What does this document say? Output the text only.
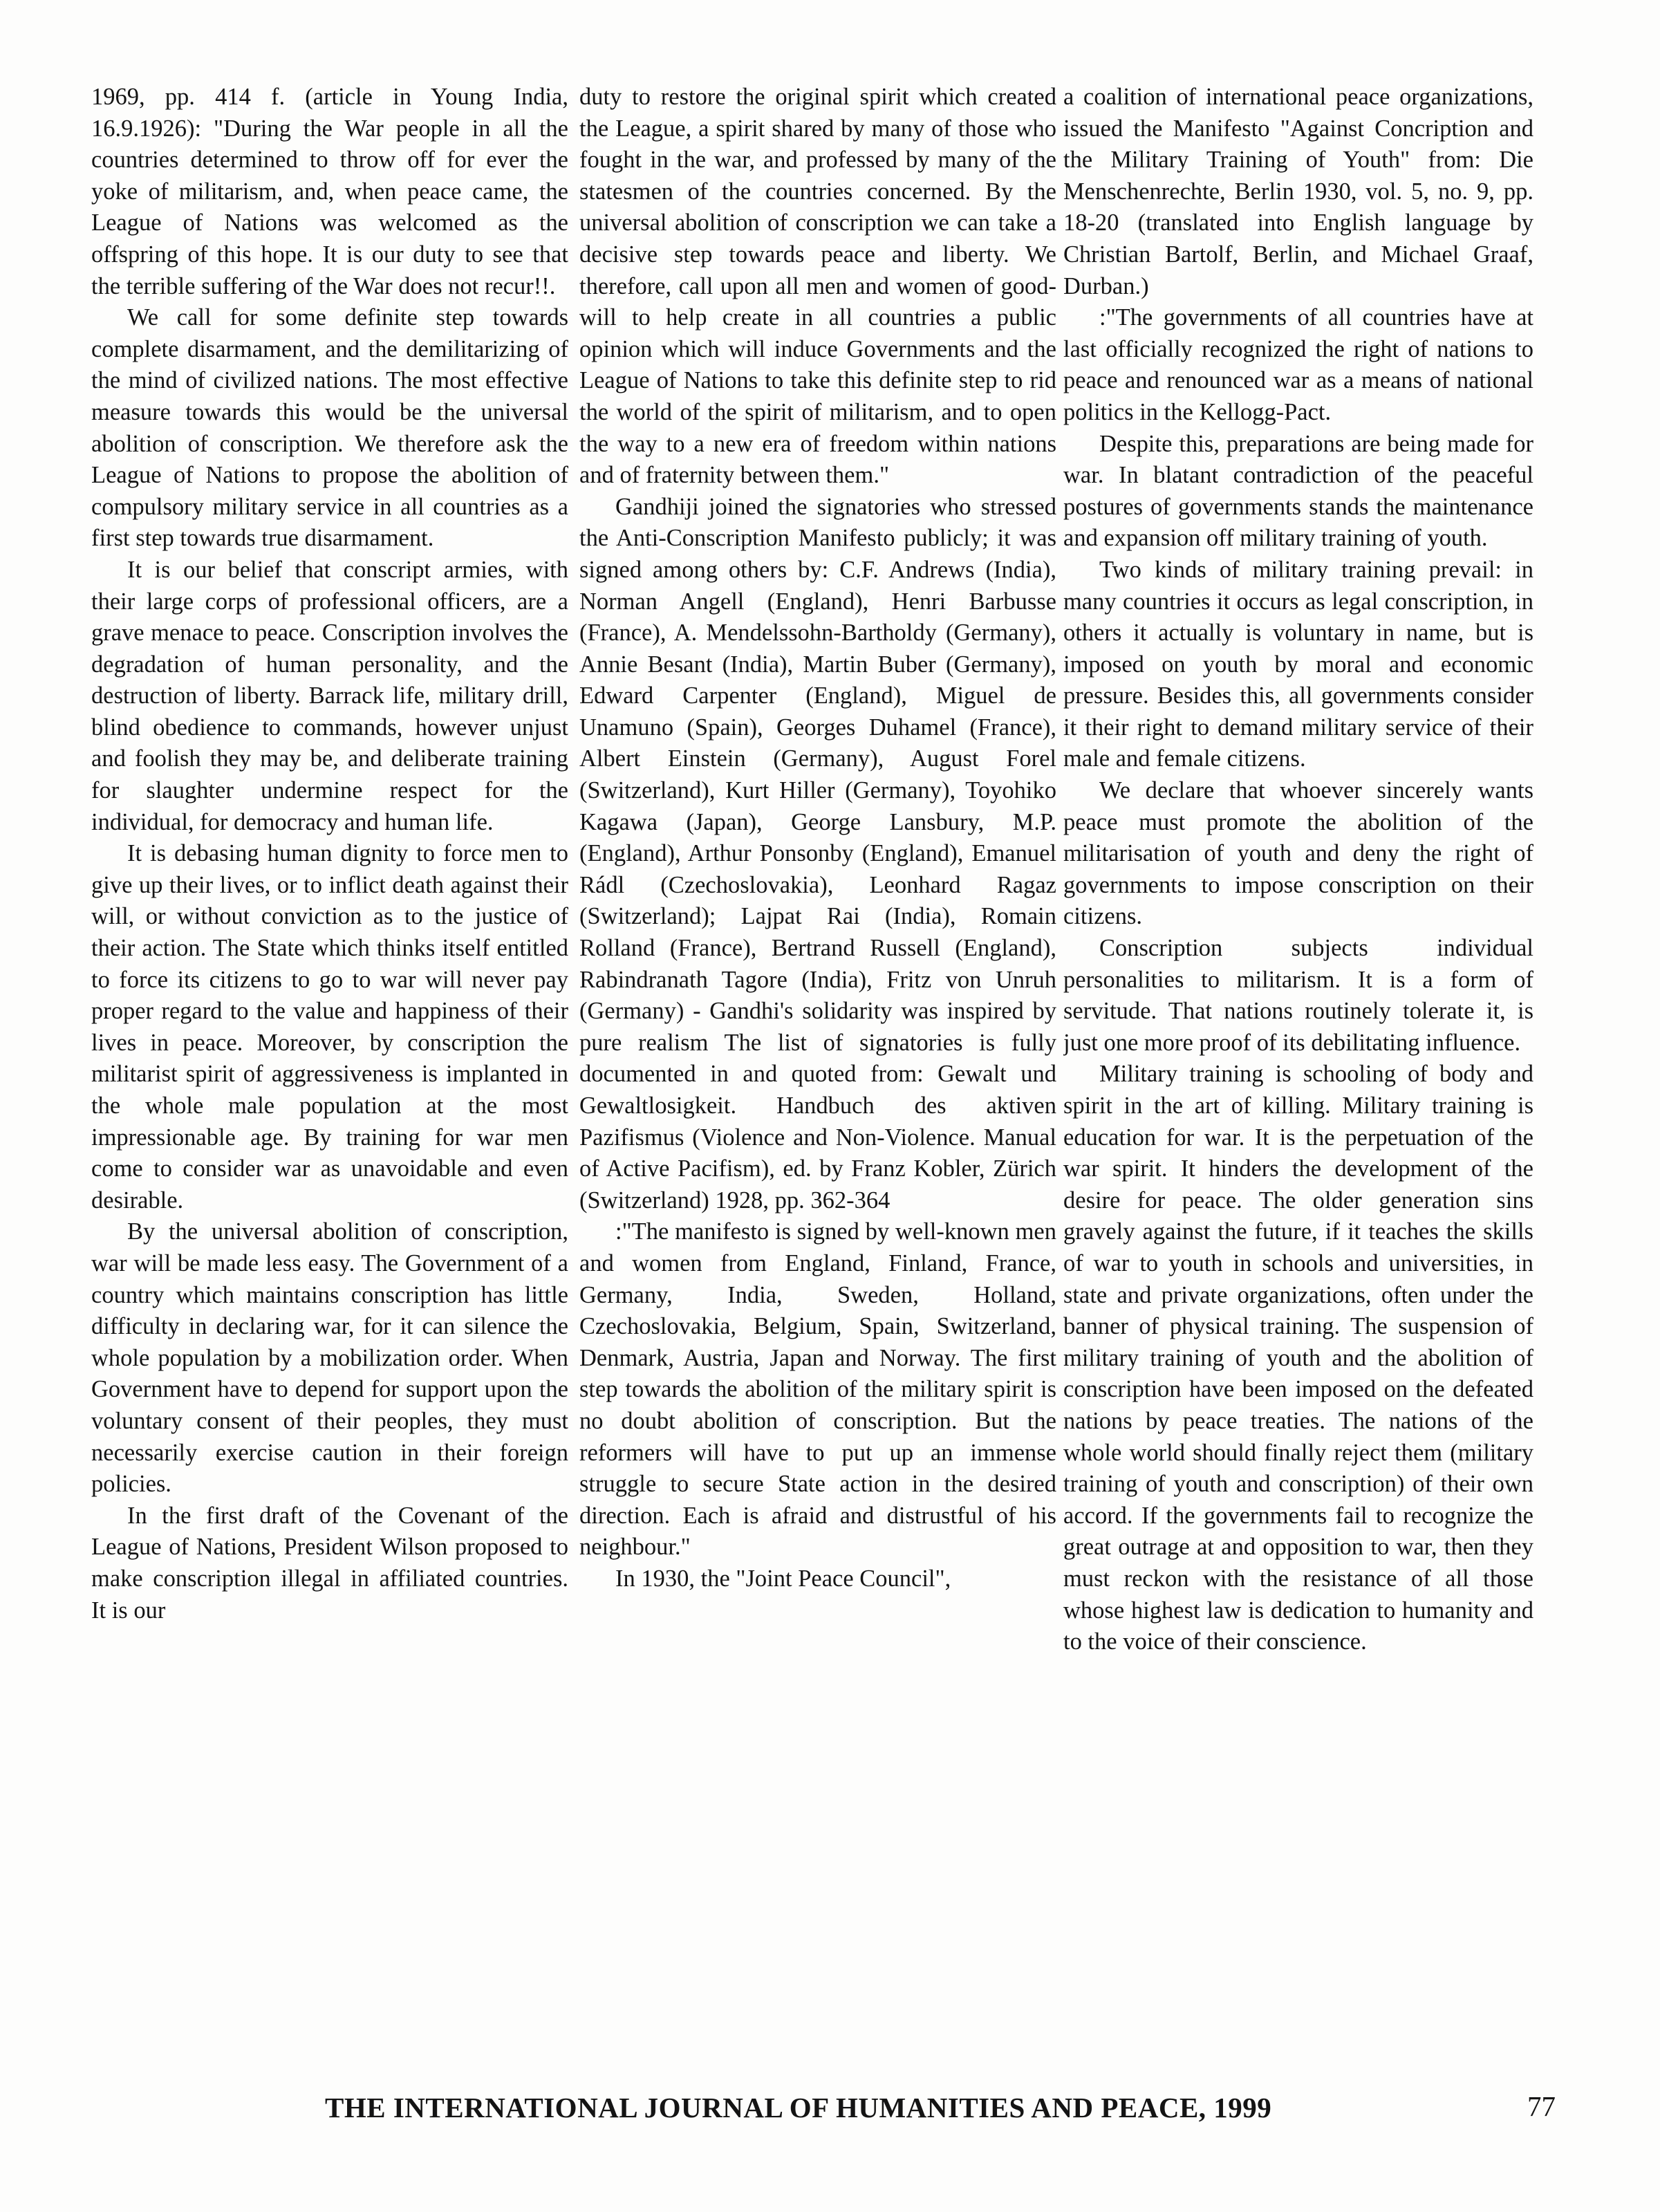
1969, pp. 414 f. (article in Young India, 16.9.1926): "During the War people in all the countries determined to throw off for ever the yoke of militarism, and, when peace came, the League of Nations was welcomed as the offspring of this hope. It is our duty to see that the terrible suffering of the War does not recur!!.

We call for some definite step towards complete disarmament, and the demilitarizing of the mind of civilized nations. The most effective measure towards this would be the universal abolition of conscription. We therefore ask the League of Nations to propose the abolition of compulsory military service in all countries as a first step towards true disarmament.

It is our belief that conscript armies, with their large corps of professional officers, are a grave menace to peace. Conscription involves the degradation of human personality, and the destruction of liberty. Barrack life, military drill, blind obedience to commands, however unjust and foolish they may be, and deliberate training for slaughter undermine respect for the individual, for democracy and human life.

It is debasing human dignity to force men to give up their lives, or to inflict death against their will, or without conviction as to the justice of their action. The State which thinks itself entitled to force its citizens to go to war will never pay proper regard to the value and happiness of their lives in peace. Moreover, by conscription the militarist spirit of aggressiveness is implanted in the whole male population at the most impressionable age. By training for war men come to consider war as unavoidable and even desirable.

By the universal abolition of conscription, war will be made less easy. The Government of a country which maintains conscription has little difficulty in declaring war, for it can silence the whole population by a mobilization order. When Government have to depend for support upon the voluntary consent of their peoples, they must necessarily exercise caution in their foreign policies.

In the first draft of the Covenant of the League of Nations, President Wilson proposed to make conscription illegal in affiliated countries. It is our

duty to restore the original spirit which created the League, a spirit shared by many of those who fought in the war, and professed by many of the statesmen of the countries concerned. By the universal abolition of conscription we can take a decisive step towards peace and liberty. We therefore, call upon all men and women of good-will to help create in all countries a public opinion which will induce Governments and the League of Nations to take this definite step to rid the world of the spirit of militarism, and to open the way to a new era of freedom within nations and of fraternity between them."

Gandhiji joined the signatories who stressed the Anti-Conscription Manifesto publicly; it was signed among others by: C.F. Andrews (India), Norman Angell (England), Henri Barbusse (France), A. Mendelssohn-Bartholdy (Germany), Annie Besant (India), Martin Buber (Germany), Edward Carpenter (England), Miguel de Unamuno (Spain), Georges Duhamel (France), Albert Einstein (Germany), August Forel (Switzerland), Kurt Hiller (Germany), Toyohiko Kagawa (Japan), George Lansbury, M.P. (England), Arthur Ponsonby (England), Emanuel Rádl (Czechoslovakia), Leonhard Ragaz (Switzerland); Lajpat Rai (India), Romain Rolland (France), Bertrand Russell (England), Rabindranath Tagore (India), Fritz von Unruh (Germany) - Gandhi's solidarity was inspired by pure realism The list of signatories is fully documented in and quoted from: Gewalt und Gewaltlosigkeit. Handbuch des aktiven Pazifismus (Violence and Non-Violence. Manual of Active Pacifism), ed. by Franz Kobler, Zürich (Switzerland) 1928, pp. 362-364

:"The manifesto is signed by well-known men and women from England, Finland, France, Germany, India, Sweden, Holland, Czechoslovakia, Belgium, Spain, Switzerland, Denmark, Austria, Japan and Norway. The first step towards the abolition of the military spirit is no doubt abolition of conscription. But the reformers will have to put up an immense struggle to secure State action in the desired direction. Each is afraid and distrustful of his neighbour."

In 1930, the "Joint Peace Council",

a coalition of international peace organizations, issued the Manifesto "Against Concription and the Military Training of Youth" from: Die Menschenrechte, Berlin 1930, vol. 5, no. 9, pp. 18-20 (translated into English language by Christian Bartolf, Berlin, and Michael Graaf, Durban.)

:"The governments of all countries have at last officially recognized the right of nations to peace and renounced war as a means of national politics in the Kellogg-Pact.

Despite this, preparations are being made for war. In blatant contradiction of the peaceful postures of governments stands the maintenance and expansion off military training of youth.

Two kinds of military training prevail: in many countries it occurs as legal conscription, in others it actually is voluntary in name, but is imposed on youth by moral and economic pressure. Besides this, all governments consider it their right to demand military service of their male and female citizens.

We declare that whoever sincerely wants peace must promote the abolition of the militarisation of youth and deny the right of governments to impose conscription on their citizens.

Conscription subjects individual personalities to militarism. It is a form of servitude. That nations routinely tolerate it, is just one more proof of its debilitating influence.

Military training is schooling of body and spirit in the art of killing. Military training is education for war. It is the perpetuation of the war spirit. It hinders the development of the desire for peace. The older generation sins gravely against the future, if it teaches the skills of war to youth in schools and universities, in state and private organizations, often under the banner of physical training. The suspension of military training of youth and the abolition of conscription have been imposed on the defeated nations by peace treaties. The nations of the whole world should finally reject them (military training of youth and conscription) of their own accord. If the governments fail to recognize the great outrage at and opposition to war, then they must reckon with the resistance of all those whose highest law is dedication to humanity and to the voice of their conscience.

THE INTERNATIONAL JOURNAL OF HUMANITIES AND PEACE, 1999	77
